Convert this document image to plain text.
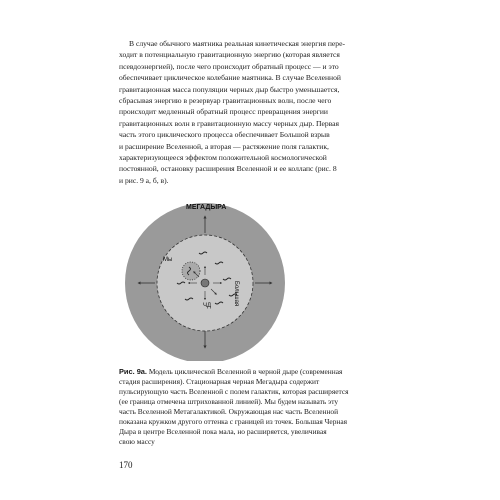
В случае обычного маятника реальная кинетическая энергия пере-
ходит в потенциальную гравитационную энергию (которая является
псевдоэнергией), после чего происходит обратный процесс — и это
обеспечивает циклическое колебание маятника. В случае Вселенной
гравитационная масса популяции черных дыр быстро уменьшается,
сбрасывая энергию в резервуар гравитационных волн, после чего
происходит медленный обратный процесс превращения энергии
гравитационных волн в гравитационную массу черных дыр. Первая
часть этого циклического процесса обеспечивает Большой взрыв
и расширение Вселенной, а вторая — растяжение поля галактик,
характеризующееся эффектом положительной космологической
постоянной, остановку расширения Вселенной и ее коллапс (рис. 8
и рис. 9 а, б, в).
МЕГАДЫРА
Мы
Большая
ЧД
Рис. 9а. Модель циклической Вселенной в черной дыре (современная
стадия расширения). Стационарная черная Мегадыра содержит
пульсирующую часть Вселенной с полем галактик, которая расширяется
(ее граница отмечена штрихованной линией). Мы будем называть эту
часть Вселенной Метагалактикой. Окружающая нас часть Вселенной
показана кружком другого оттенка с границей из точек. Большая Черная
Дыра в центре Вселенной пока мала, но расширяется, увеличивая
свою массу
170
